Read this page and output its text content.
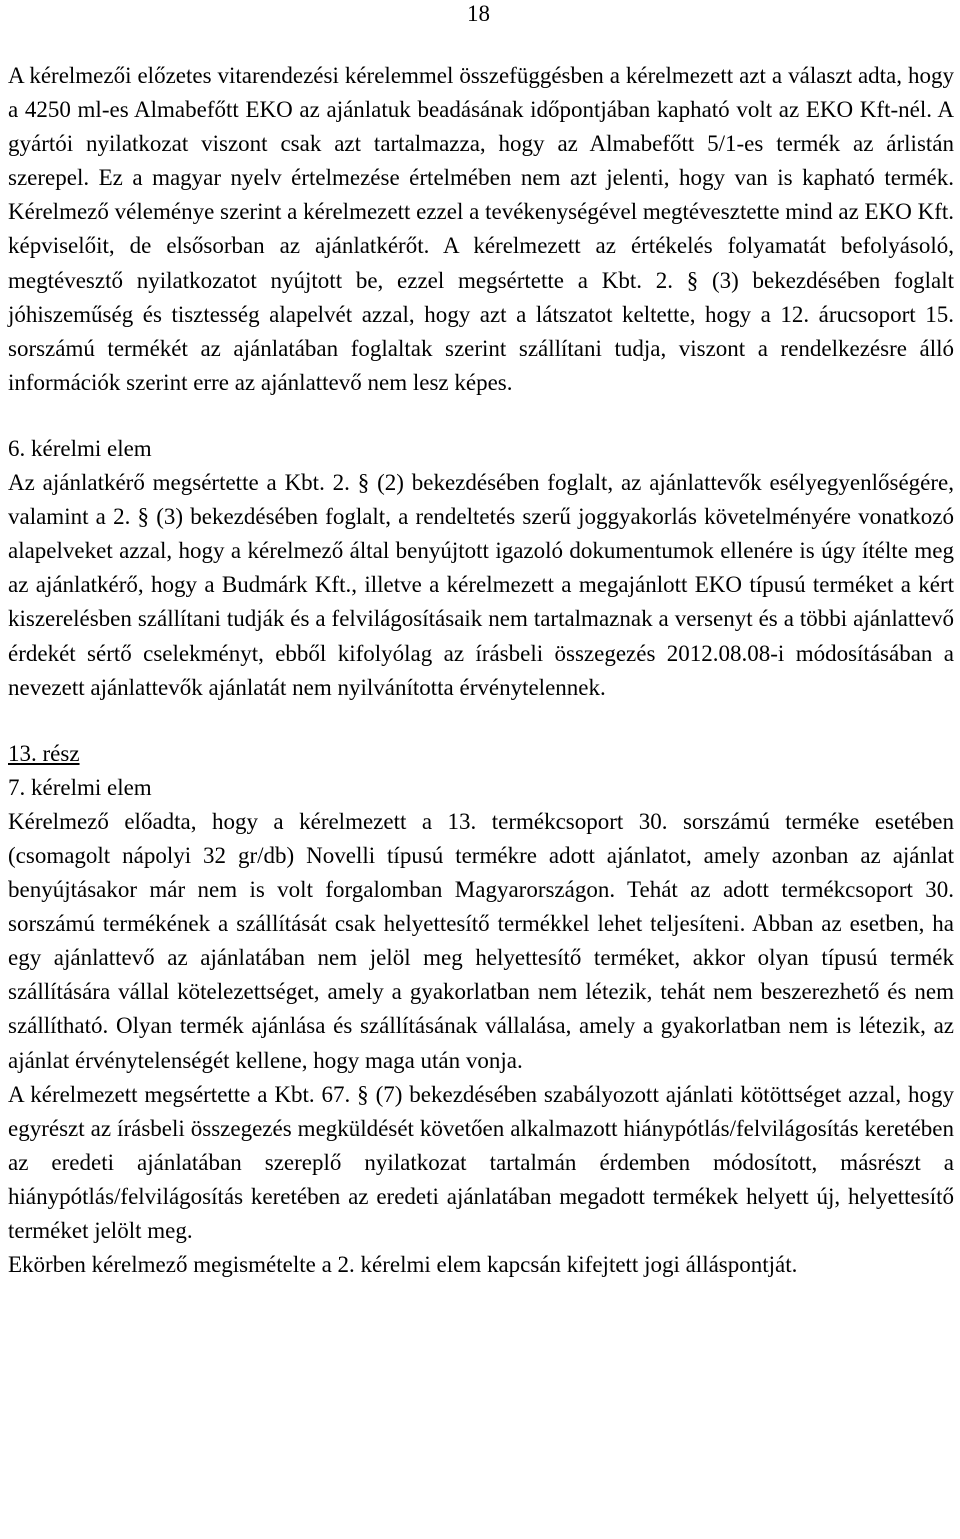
18

A kérelmezői előzetes vitarendezési kérelemmel összefüggésben a kérelmezett azt a választ adta, hogy a 4250 ml-es Almabefőtt EKO az ajánlatuk beadásának időpontjában kapható volt az EKO Kft-nél. A gyártói nyilatkozat viszont csak azt tartalmazza, hogy az Almabefőtt 5/1-es termék az árlistán szerepel. Ez a magyar nyelv értelmezése értelmében nem azt jelenti, hogy van is kapható termék. Kérelmező véleménye szerint a kérelmezett ezzel a tevékenységével megtévesztette mind az EKO Kft. képviselőit, de elsősorban az ajánlatkérőt. A kérelmezett az értékelés folyamatát befolyásoló, megtévesztő nyilatkozatot nyújtott be, ezzel megsértette a Kbt. 2. § (3) bekezdésében foglalt jóhiszeműség és tisztesség alapelvét azzal, hogy azt a látszatot keltette, hogy a 12. árucsoport 15. sorszámú termékét az ajánlatában foglaltak szerint szállítani tudja, viszont a rendelkezésre álló információk szerint erre az ajánlattevő nem lesz képes.

6. kérelmi elem

Az ajánlatkérő megsértette a Kbt. 2. § (2) bekezdésében foglalt, az ajánlattevők esélyegyenlőségére, valamint a 2. § (3) bekezdésében foglalt, a rendeltetés szerű joggyakorlás követelményére vonatkozó alapelveket azzal, hogy a kérelmező által benyújtott igazoló dokumentumok ellenére is úgy ítélte meg az ajánlatkérő, hogy a Budmárk Kft., illetve a kérelmezett a megajánlott EKO típusú terméket a kért kiszerelésben szállítani tudják és a felvilágosításaik nem tartalmaznak a versenyt és a többi ajánlattevő érdekét sértő cselekményt, ebből kifolyólag az írásbeli összegezés 2012.08.08-i módosításában a nevezett ajánlattevők ajánlatát nem nyilvánította érvénytelennek.

13. rész

7. kérelmi elem

Kérelmező előadta, hogy a kérelmezett a 13. termékcsoport 30. sorszámú terméke esetében (csomagolt nápolyi 32 gr/db) Novelli típusú termékre adott ajánlatot, amely azonban az ajánlat benyújtásakor már nem is volt forgalomban Magyarországon. Tehát az adott termékcsoport 30. sorszámú termékének a szállítását csak helyettesítő termékkel lehet teljesíteni. Abban az esetben, ha egy ajánlattevő az ajánlatában nem jelöl meg helyettesítő terméket, akkor olyan típusú termék szállítására vállal kötelezettséget, amely a gyakorlatban nem létezik, tehát nem beszerezhető és nem szállítható. Olyan termék ajánlása és szállításának vállalása, amely a gyakorlatban nem is létezik, az ajánlat érvénytelenségét kellene, hogy maga után vonja.

A kérelmezett megsértette a Kbt. 67. § (7) bekezdésében szabályozott ajánlati kötöttséget azzal, hogy egyrészt az írásbeli összegezés megküldését követően alkalmazott hiánypótlás/felvilágosítás keretében az eredeti ajánlatában szereplő nyilatkozat tartalmán érdemben módosított, másrészt a hiánypótlás/felvilágosítás keretében az eredeti ajánlatában megadott termékek helyett új, helyettesítő terméket jelölt meg.

Ekörben kérelmező megismételte a 2. kérelmi elem kapcsán kifejtett jogi álláspontját.
